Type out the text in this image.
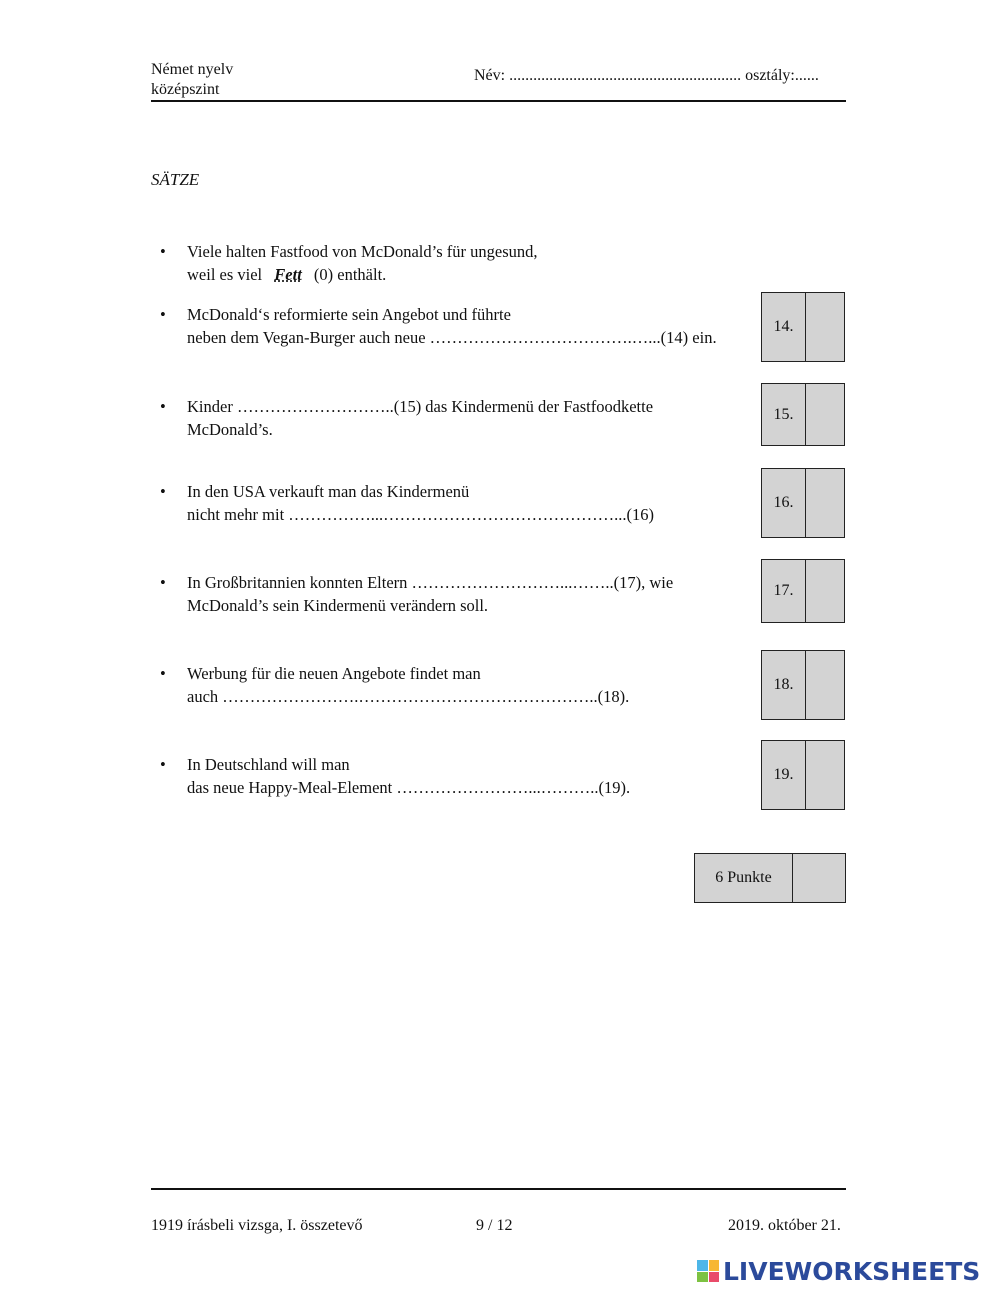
Német nyelv
középszint
Név: .......................................................... osztály:......
SÄTZE
• Viele halten Fastfood von McDonald’s für ungesund,
weil es viel Fett (0) enthält.
• McDonald‘s reformierte sein Angebot und führte
neben dem Vegan-Burger auch neue ……………………………….…...(14) ein.
14.
• Kinder ………………………..(15) das Kindermenü der Fastfoodkette
McDonald’s.
15.
• In den USA verkauft man das Kindermenü
nicht mehr mit ……………...……………………………………...(16)
16.
• In Großbritannien konnten Eltern ………………………...……..(17), wie
McDonald’s sein Kindermenü verändern soll.
17.
• Werbung für die neuen Angebote findet man
auch …………………….……………………………………..(18).
18.
• In Deutschland will man
das neue Happy-Meal-Element ……………………...………..(19).
19.
6 Punkte
1919 írásbeli vizsga, I. összetevő	9 / 12	2019. október 21.
LIVEWORKSHEETS
